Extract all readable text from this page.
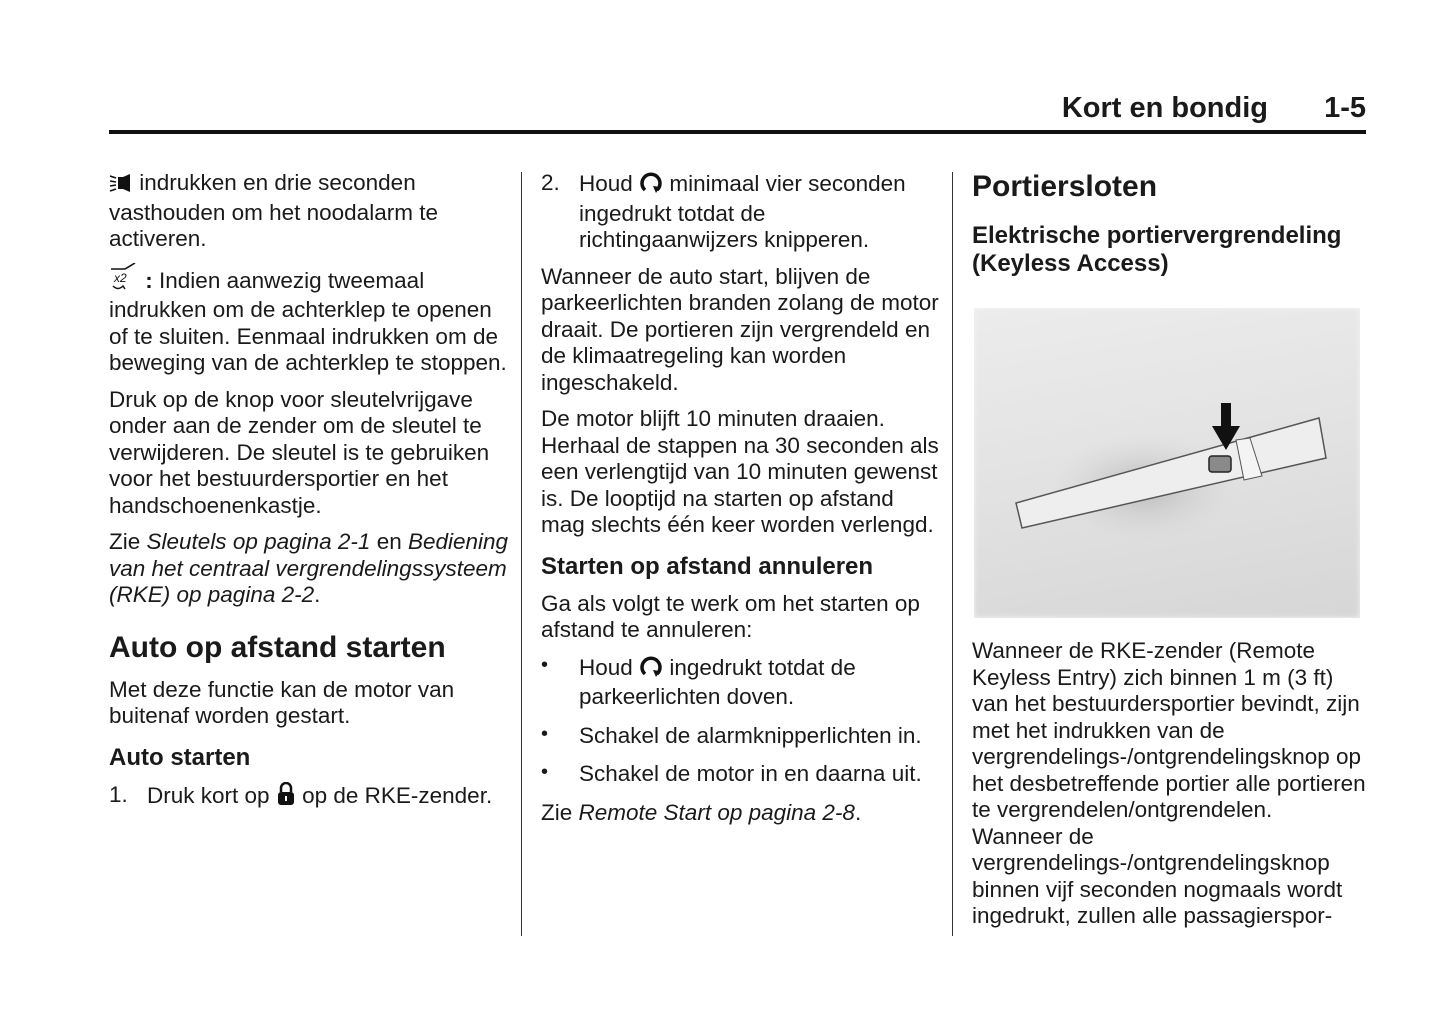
Kort en bondig 1-5

indrukken en drie seconden vasthouden om het noodalarm te activeren.

x2 : Indien aanwezig tweemaal indrukken om de achterklep te openen of te sluiten. Eenmaal indrukken om de beweging van de achterklep te stoppen.

Druk op de knop voor sleutelvrijgave onder aan de zender om de sleutel te verwijderen. De sleutel is te gebruiken voor het bestuurdersportier en het handschoenenkastje.

Zie Sleutels op pagina 2-1 en Bediening van het centraal vergrendelingssysteem (RKE) op pagina 2-2.

Auto op afstand starten

Met deze functie kan de motor van buitenaf worden gestart.

Auto starten
1. Druk kort op op de RKE-zender.
2. Houd minimaal vier seconden ingedrukt totdat de richtingaanwijzers knipperen.

Wanneer de auto start, blijven de parkeerlichten branden zolang de motor draait. De portieren zijn vergrendeld en de klimaatregeling kan worden ingeschakeld.

De motor blijft 10 minuten draaien. Herhaal de stappen na 30 seconden als een verlengtijd van 10 minuten gewenst is. De looptijd na starten op afstand mag slechts één keer worden verlengd.

Starten op afstand annuleren

Ga als volgt te werk om het starten op afstand te annuleren:

• Houd ingedrukt totdat de parkeerlichten doven.
• Schakel de alarmknipperlichten in.
• Schakel de motor in en daarna uit.

Zie Remote Start op pagina 2-8.

Portiersloten
Elektrische portiervergrendeling (Keyless Access)

Wanneer de RKE-zender (Remote Keyless Entry) zich binnen 1 m (3 ft) van het bestuurdersportier bevindt, zijn met het indrukken van de vergrendelings-/ontgrendelingsknop op het desbetreffende portier alle portieren te vergrendelen/ontgrendelen. Wanneer de vergrendelings-/ontgrendelingsknop binnen vijf seconden nogmaals wordt ingedrukt, zullen alle passagierspor-
